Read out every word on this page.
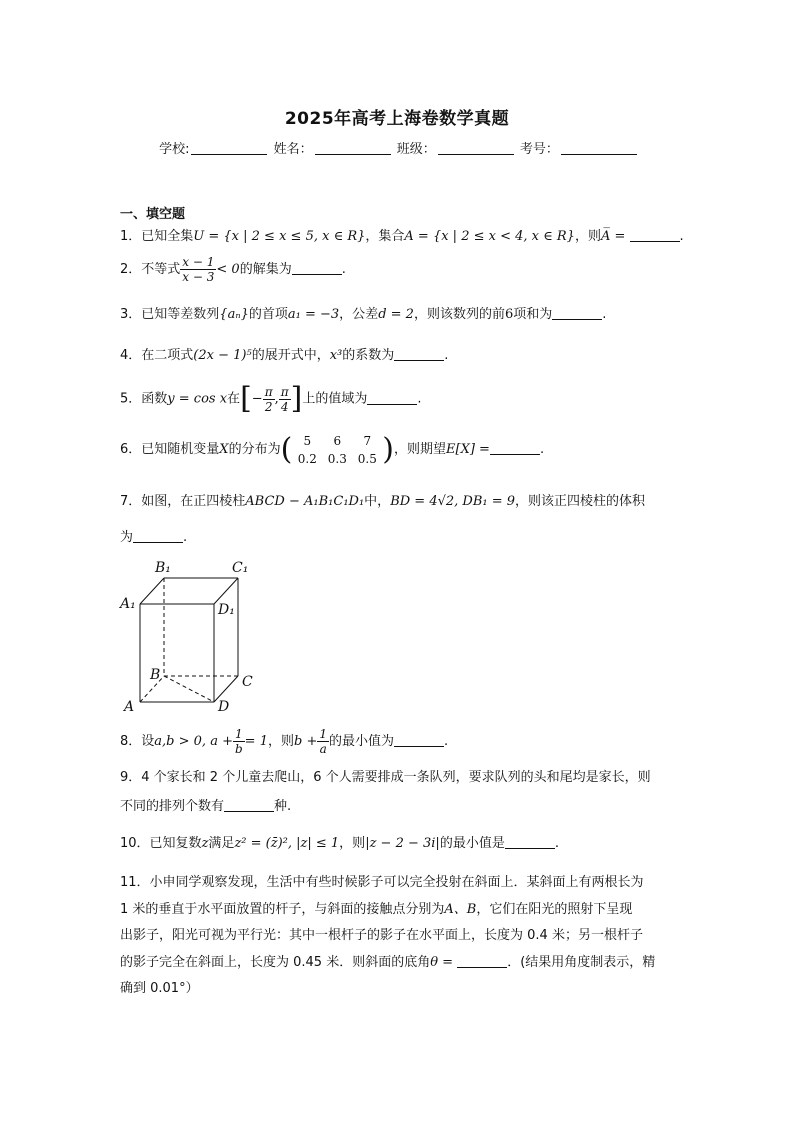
2025年高考上海卷数学真题
学校:	姓名：	班级：	考号：
一、填空题
1．已知全集U = {x | 2 ≤ x ≤ 5, x ∈ R}，集合A = {x | 2 ≤ x < 4, x ∈ R}，则A̅ =	.
2．不等式 $\frac{x - 1}{x - 3} < 0$的解集为	.
3．已知等差数列{aₙ}的首项a₁ = −3，公差d = 2，则该数列的前6项和为	.
4．在二项式(2x − 1)⁵的展开式中，x³的系数为	.
5．函数y = cos x在[− $\frac{\pi}{2}$ , $\frac{\pi}{4}$ ]上的值域为	.
6．已知随机变量X的分布为( 5	6	7
0.2 0.3 0.5 )，则期望E[X] =	.
7．如图，在正四棱柱ABCD − A₁B₁C₁D₁中，BD = 4√2, DB₁ = 9，则该正四棱柱的体积
为	.
B₁	C₁
A₁	D₁
B	C
A	D
8．设a,b > 0, $a + \frac{1}{b} = 1$，则$b + \frac{1}{a}$ 的最小值为	.
9．4 个家长和 2 个儿童去爬山，6 个人需要排成一条队列，要求队列的头和尾均是家长，则
不同的排列个数有	种.
10．已知复数z满足z² = (z̄)², |z| ≤ 1，则|z − 2 − 3i|的最小值是	.
11．小申同学观察发现，生活中有些时候影子可以完全投射在斜面上．某斜面上有两根长为
1 米的垂直于水平面放置的杆子，与斜面的接触点分别为A、B，它们在阳光的照射下呈现
出影子，阳光可视为平行光：其中一根杆子的影子在水平面上，长度为 0.4 米；另一根杆子
的影子完全在斜面上，长度为 0.45 米．则斜面的底角θ =	．(结果用角度制表示，精
确到 0.01°）
